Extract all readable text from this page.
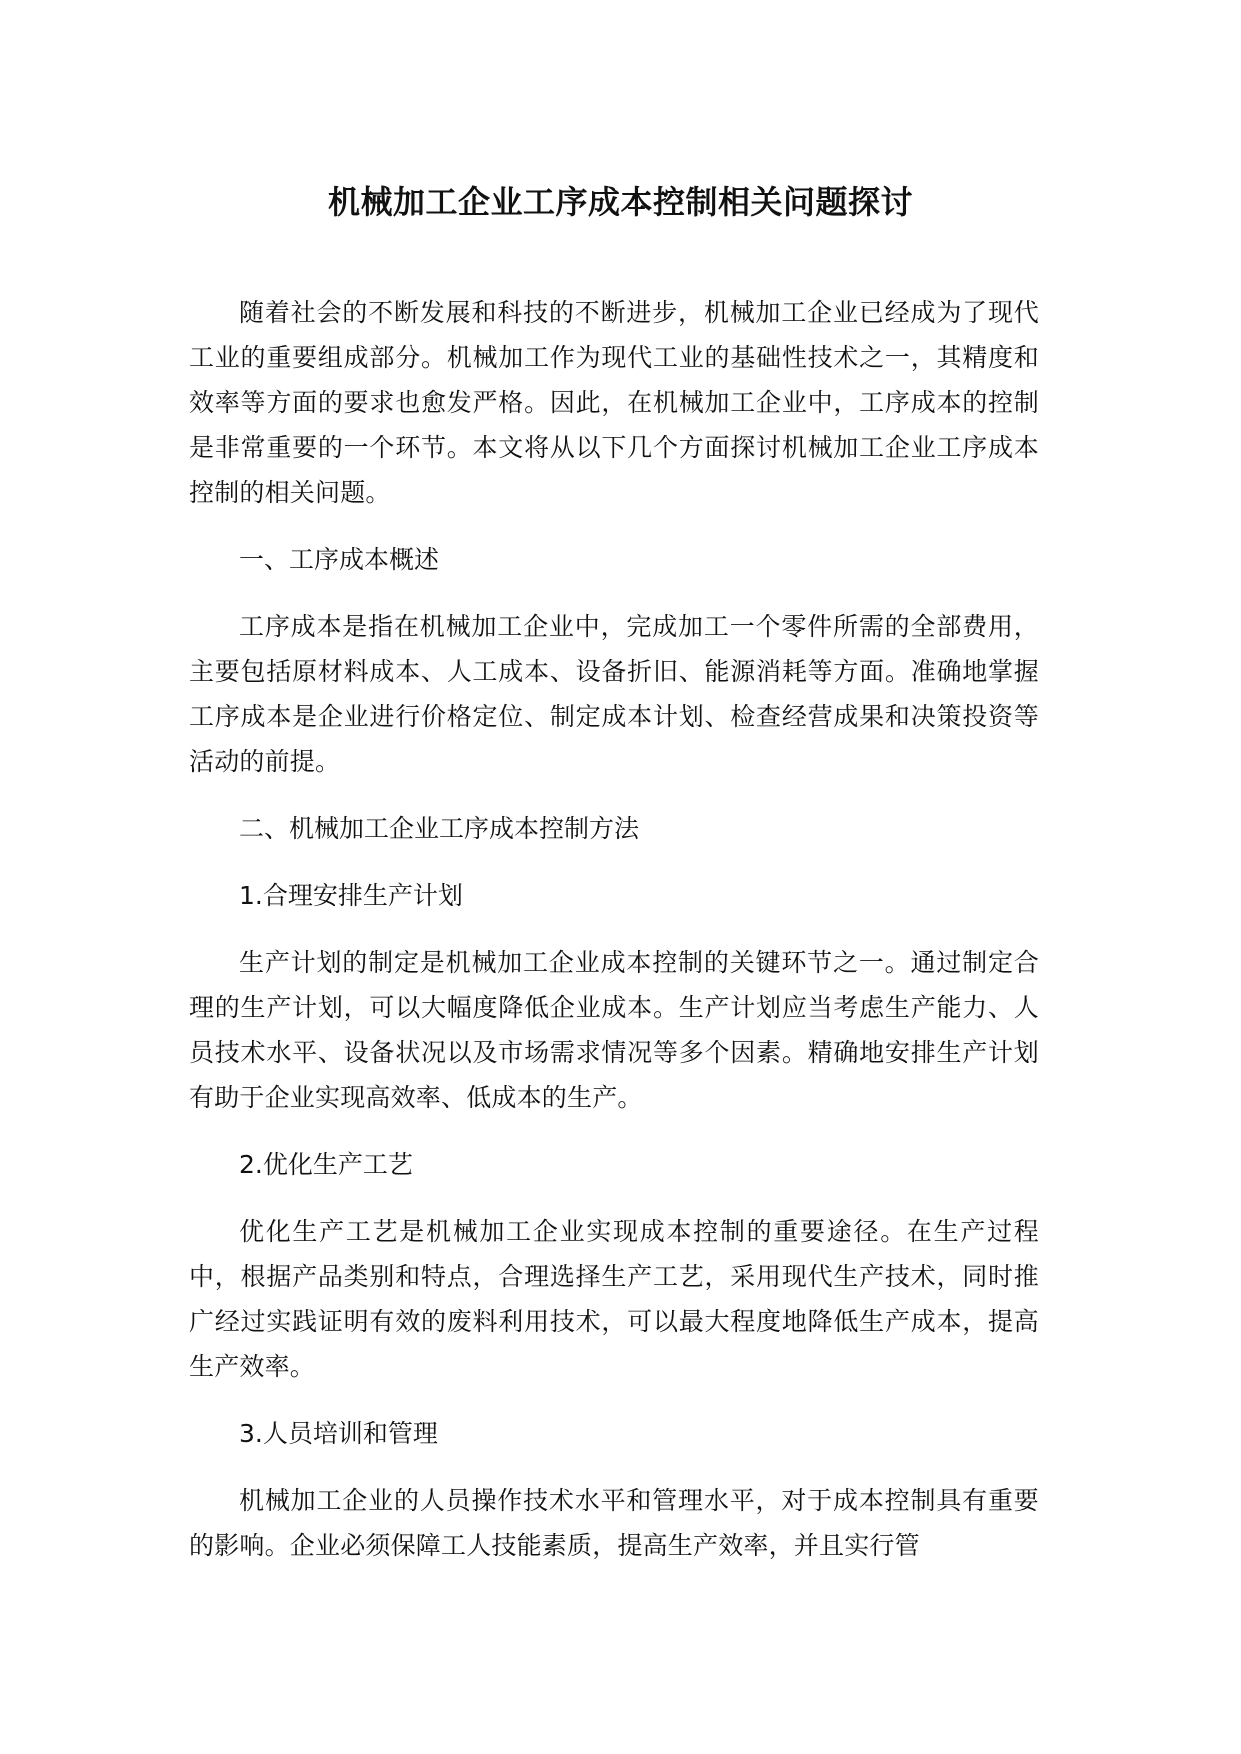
机械加工企业工序成本控制相关问题探讨

随着社会的不断发展和科技的不断进步，机械加工企业已经成为了现代工业的重要组成部分。机械加工作为现代工业的基础性技术之一，其精度和效率等方面的要求也愈发严格。因此，在机械加工企业中，工序成本的控制是非常重要的一个环节。本文将从以下几个方面探讨机械加工企业工序成本控制的相关问题。

一、工序成本概述

工序成本是指在机械加工企业中，完成加工一个零件所需的全部费用，主要包括原材料成本、人工成本、设备折旧、能源消耗等方面。准确地掌握工序成本是企业进行价格定位、制定成本计划、检查经营成果和决策投资等活动的前提。

二、机械加工企业工序成本控制方法

1.合理安排生产计划

生产计划的制定是机械加工企业成本控制的关键环节之一。通过制定合理的生产计划，可以大幅度降低企业成本。生产计划应当考虑生产能力、人员技术水平、设备状况以及市场需求情况等多个因素。精确地安排生产计划有助于企业实现高效率、低成本的生产。

2.优化生产工艺

优化生产工艺是机械加工企业实现成本控制的重要途径。在生产过程中，根据产品类别和特点，合理选择生产工艺，采用现代生产技术，同时推广经过实践证明有效的废料利用技术，可以最大程度地降低生产成本，提高生产效率。

3.人员培训和管理

机械加工企业的人员操作技术水平和管理水平，对于成本控制具有重要的影响。企业必须保障工人技能素质，提高生产效率，并且实行管
